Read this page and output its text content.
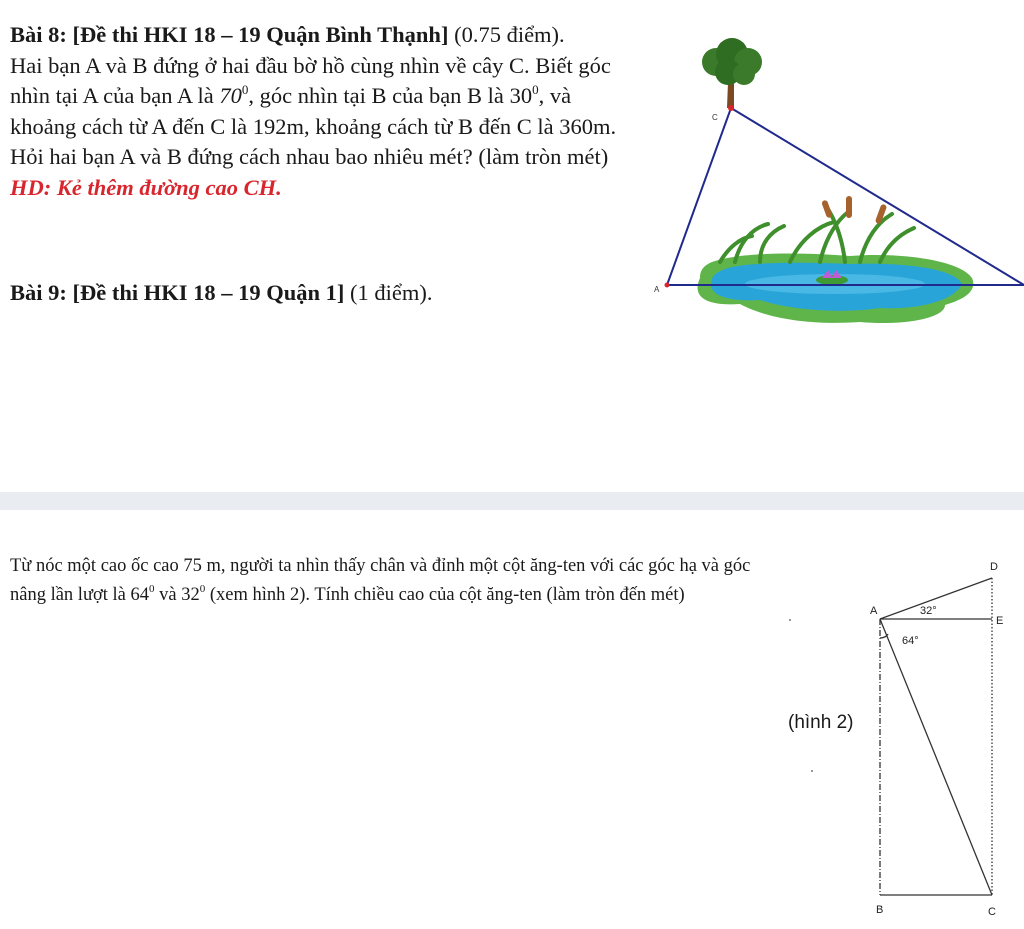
Bài 8: [Đề thi HKI 18 – 19 Quận Bình Thạnh] (0.75 điểm).
Hai bạn A và B đứng ở hai đầu bờ hồ cùng nhìn về cây C. Biết góc nhìn tại A của bạn A là $70^0$, góc nhìn tại B của bạn B là $30^0$, và khoảng cách từ A đến C là 192m, khoảng cách từ B đến C là 360m. Hỏi hai bạn A và B đứng cách nhau bao nhiêu mét? (làm tròn mét)
HD: Kẻ thêm đường cao CH.

Bài 9: [Đề thi HKI 18 – 19 Quận 1] (1 điểm).

C
A

Từ nóc một cao ốc cao 75 m, người ta nhìn thấy chân và đỉnh một cột ăng-ten với các góc hạ và góc nâng lần lượt là $64^0$ và $32^0$ (xem hình 2). Tính chiều cao của cột ăng-ten (làm tròn đến mét)

(hình 2)
A
B	C
D
E
32°
64°
